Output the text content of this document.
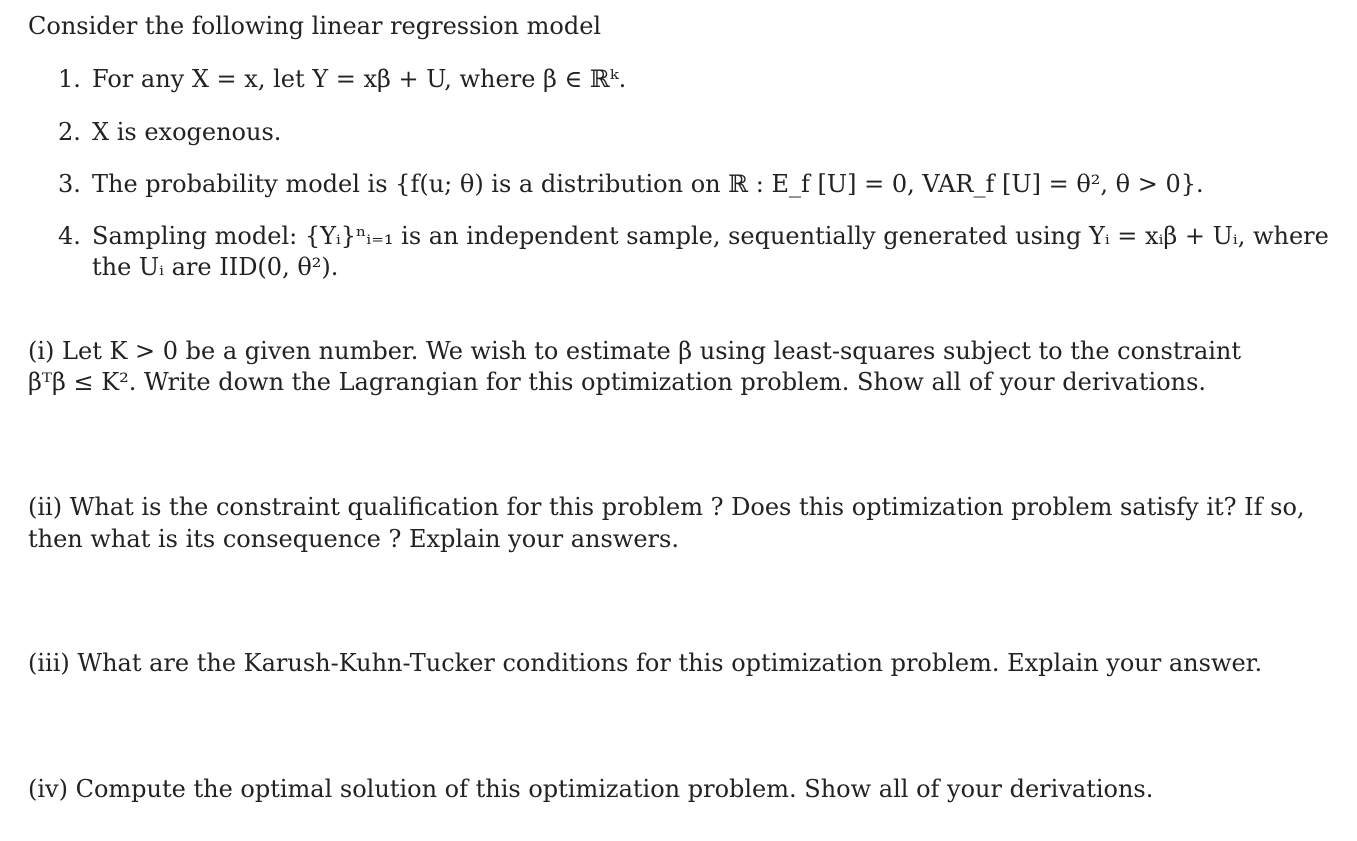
Consider the following linear regression model
1. For any X = x, let Y = xβ + U, where β ∈ ℝᵏ.
2. X is exogenous.
3. The probability model is {f(u; θ) is a distribution on ℝ : E_f [U] = 0, VAR_f [U] = θ², θ > 0}.
4. Sampling model: {Yᵢ}ⁿᵢ₌₁ is an independent sample, sequentially generated using Yᵢ = xᵢβ + Uᵢ, where
the Uᵢ are IID(0, θ²).
(i) Let K > 0 be a given number. We wish to estimate β using least-squares subject to the constraint
βᵀβ ≤ K². Write down the Lagrangian for this optimization problem. Show all of your derivations.
(ii) What is the constraint qualification for this problem ? Does this optimization problem satisfy it? If so,
then what is its consequence ? Explain your answers.
(iii) What are the Karush-Kuhn-Tucker conditions for this optimization problem. Explain your answer.
(iv) Compute the optimal solution of this optimization problem. Show all of your derivations.
